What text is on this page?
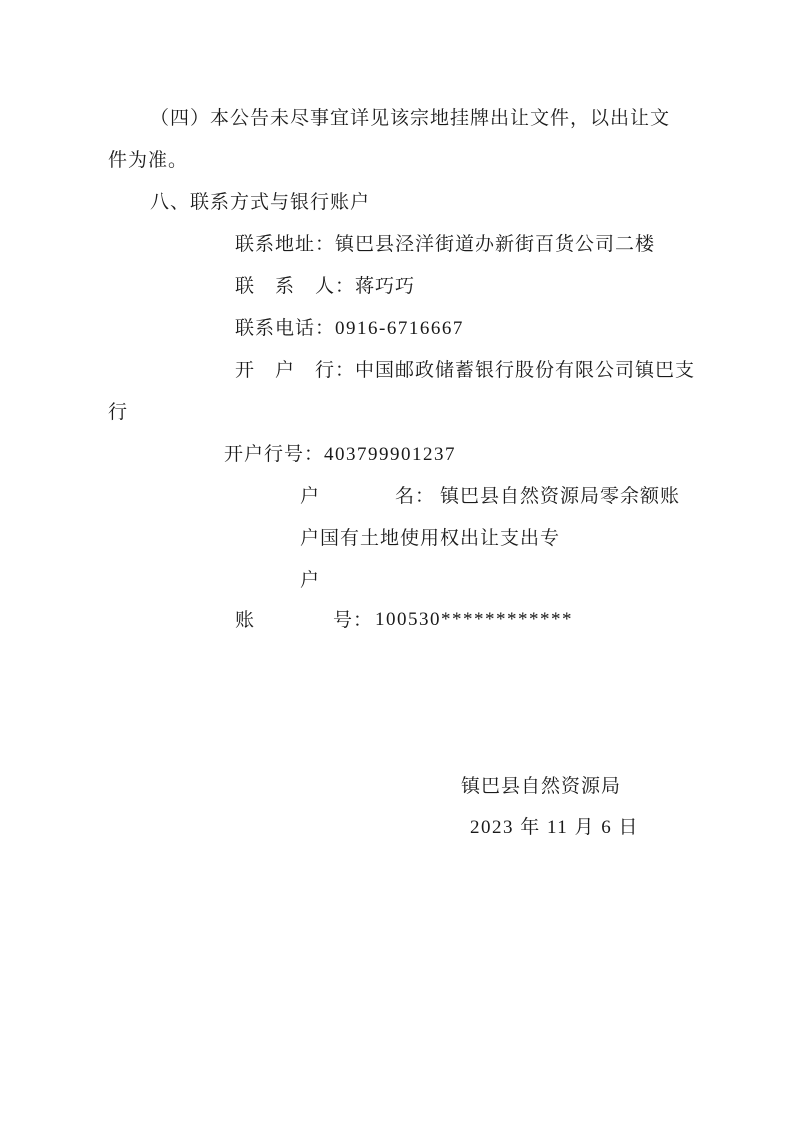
（四）本公告未尽事宜详见该宗地挂牌出让文件，以出让文
件为准。
八、联系方式与银行账户
联系地址：镇巴县泾洋街道办新街百货公司二楼
联　系　人：蒋巧巧
联系电话：0916-6716667
开　户　行：中国邮政储蓄银行股份有限公司镇巴支
行
开户行号：403799901237
户	名： 镇巴县自然资源局零余额账
户国有土地使用权出让支出专
户
账	号： 100530************
镇巴县自然资源局
2023 年 11 月 6 日
